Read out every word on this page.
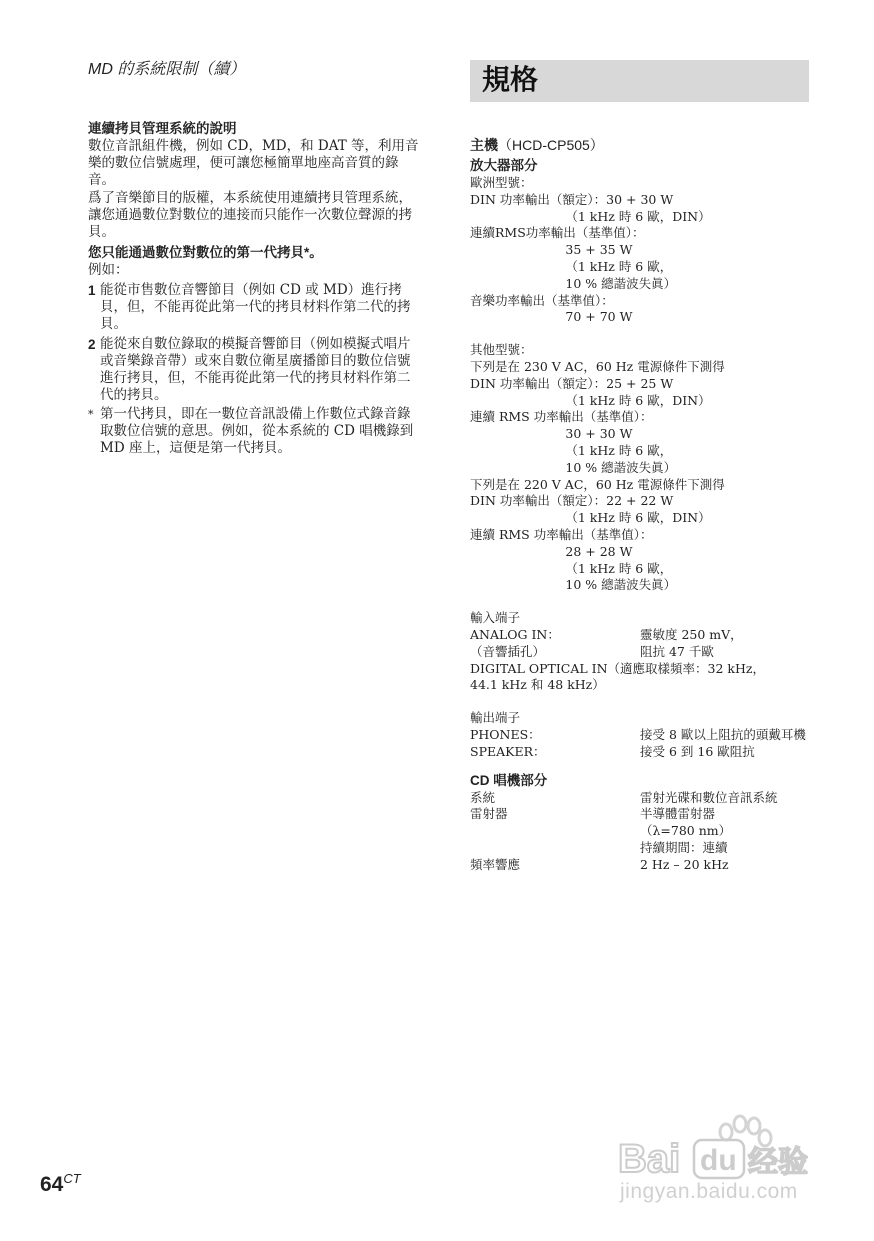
MD 的系統限制（續）

連續拷貝管理系統的說明

數位音訊組件機，例如 CD，MD，和 DAT 等，利用音樂的數位信號處理，便可讓您極簡單地座高音質的錄音。

爲了音樂節目的版權，本系統使用連續拷貝管理系統，讓您通過數位對數位的連接而只能作一次數位聲源的拷貝。

您只能通過數位對數位的第一代拷貝*。

例如：

1 能從市售數位音響節目（例如 CD 或 MD）進行拷貝，但，不能再從此第一代的拷貝材料作第二代的拷貝。
2 能從來自數位錄取的模擬音響節目（例如模擬式唱片或音樂錄音帶）或來自數位衛星廣播節目的數位信號進行拷貝，但，不能再從此第一代的拷貝材料作第二代的拷貝。
* 第一代拷貝，即在一數位音訊設備上作數位式錄音錄取數位信號的意思。例如，從本系統的 CD 唱機錄到 MD 座上，這便是第一代拷貝。
規格

主機（HCD-CP505）

放大器部分

歐洲型號：

DIN 功率輸出（額定）：30 + 30 W

（1 kHz 時 6 歐，DIN）

連續RMS功率輸出（基準值）：

35 + 35 W

（1 kHz 時 6 歐，

10 % 總諧波失眞）

音樂功率輸出（基準值）：

70 + 70 W

其他型號：

下列是在 230 V AC，60 Hz 電源條件下測得

DIN 功率輸出（額定）：25 + 25 W

（1 kHz 時 6 歐，DIN）

連續 RMS 功率輸出（基準值）：

30 + 30 W

（1 kHz 時 6 歐，

10 % 總諧波失眞）

下列是在 220 V AC，60 Hz 電源條件下測得

DIN 功率輸出（額定）：22 + 22 W

（1 kHz 時 6 歐，DIN）

連續 RMS 功率輸出（基準值）：

28 + 28 W

（1 kHz 時 6 歐，

10 % 總諧波失眞）

輸入端子

ANALOG IN：	靈敏度 250 mV，
（音響插孔）	阻抗 47 千歐

DIGITAL OPTICAL IN（適應取樣頻率：32 kHz，

44.1 kHz 和 48 kHz）

輸出端子

PHONES：	接受 8 歐以上阻抗的頭戴耳機
SPEAKER：	接受 6 到 16 歐阻抗
CD 唱機部分
系統	雷射光碟和數位音訊系統
雷射器	半導體雷射器
（λ=780 nm）
持續期間：連續
頻率響應	2 Hz – 20 kHz
$64^{CT}$	Bai du 经验
jingyan.baidu.com
